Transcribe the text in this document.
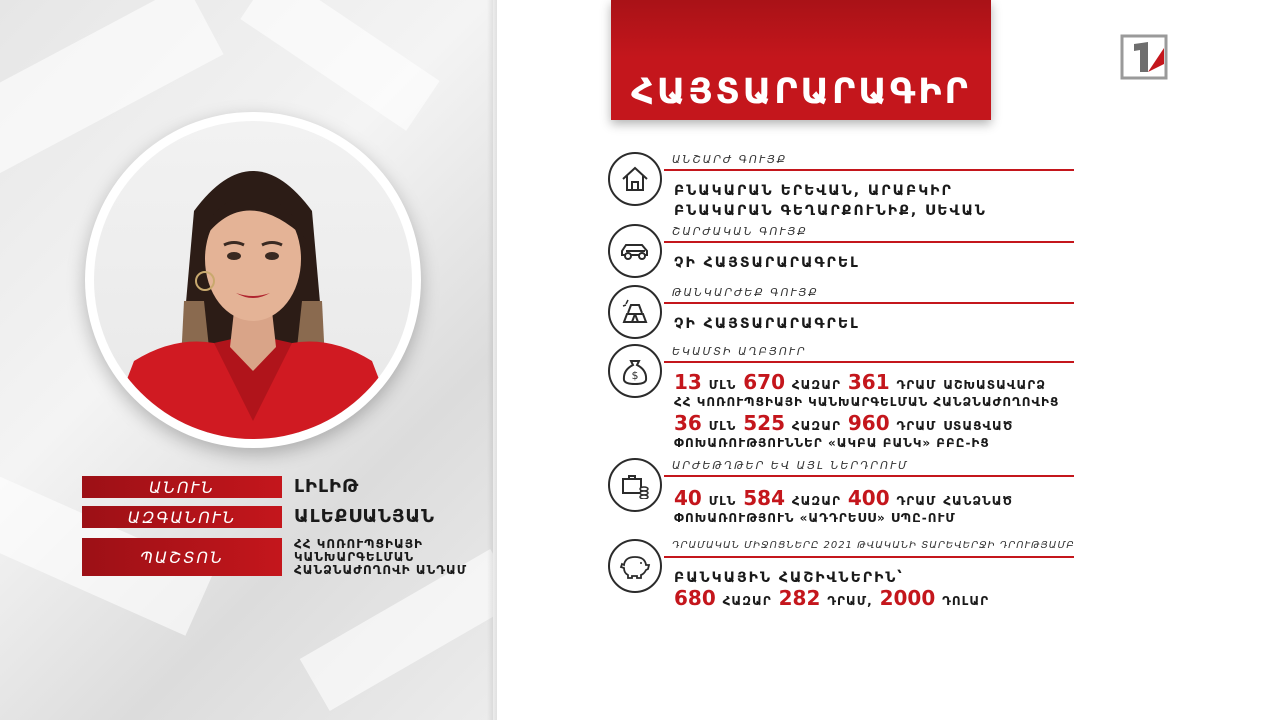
ԱՆՈՒՆ	ԼԻԼԻԹ
ԱԶԳԱՆՈՒՆ	ԱԼԵՔՍԱՆՅԱՆ
ՊԱՇՏՈՆ
ՀՀ ԿՈՌՈՒՊՑԻԱՅԻ
ԿԱՆԽԱՐԳԵԼՄԱՆ
ՀԱՆՁՆԱԺՈՂՈՎԻ ԱՆԴԱՄ
ՀԱՅՏԱՐԱՐԱԳԻՐ
ԱՆՇԱՐԺ ԳՈՒՅՔ
ԲՆԱԿԱՐԱՆ ԵՐԵՎԱՆ, ԱՐԱԲԿԻՐ
ԲՆԱԿԱՐԱՆ ԳԵՂԱՐՔՈՒՆԻՔ, ՍԵՎԱՆ
ՇԱՐԺԱԿԱՆ ԳՈՒՅՔ
ՉԻ ՀԱՅՏԱՐԱՐԱԳՐԵԼ
ԹԱՆԿԱՐԺԵՔ ԳՈՒՅՔ
ՉԻ ՀԱՅՏԱՐԱՐԱԳՐԵԼ
$
ԵԿԱՄՏԻ ԱՂԲՅՈՒՐ
13 ՄԼՆ 670 ՀԱԶԱՐ 361 ԴՐԱՄ ԱՇԽԱՏԱՎԱՐՁ
ՀՀ ԿՈՌՈՒՊՑԻԱՅԻ ԿԱՆԽԱՐԳԵԼՄԱՆ ՀԱՆՁՆԱԺՈՂՈՎԻՑ
36 ՄԼՆ 525 ՀԱԶԱՐ 960 ԴՐԱՄ ՍՏԱՑՎԱԾ
ՓՈԽԱՌՈՒԹՅՈՒՆՆԵՐ «ԱԿԲԱ ԲԱՆԿ» ԲԲԸ-ԻՑ
ԱՐԺԵԹՂԹԵՐ ԵՎ ԱՅԼ ՆԵՐԴՐՈՒՄ
40 ՄԼՆ 584 ՀԱԶԱՐ 400 ԴՐԱՄ ՀԱՆՁՆԱԾ
ՓՈԽԱՌՈՒԹՅՈՒՆ «ԱԴԴՐԵՍՍ» ՍՊԸ-ՈՒՄ
ԴՐԱՄԱԿԱՆ ՄԻՋՈՑՆԵՐԸ 2021 ԹՎԱԿԱՆԻ ՏԱՐԵՎԵՐՋԻ ԴՐՈՒԹՅԱՄԲ
ԲԱՆԿԱՅԻՆ ՀԱՇԻՎՆԵՐԻՆ՝
680 ՀԱԶԱՐ 282 ԴՐԱՄ, 2000 ԴՈԼԱՐ
